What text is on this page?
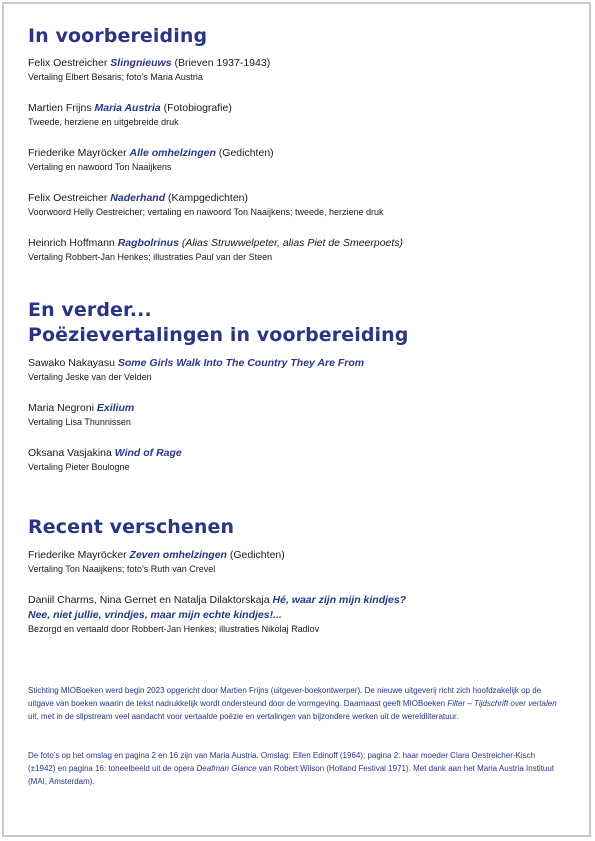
In voorbereiding
Felix Oestreicher Slingnieuws (Brieven 1937-1943)
Vertaling Elbert Besaris; foto’s Maria Austria
Martien Frijns Maria Austria (Fotobiografie)
Tweede, herziene en uitgebreide druk
Friederike Mayröcker Alle omhelzingen (Gedichten)
Vertaling en nawoord Ton Naaijkens
Felix Oestreicher Naderhand (Kampgedichten)
Voorwoord Helly Oestreicher; vertaling en nawoord Ton Naaijkens; tweede, herziene druk
Heinrich Hoffmann Ragbolrinus (Alias Struwwelpeter, alias Piet de Smeerpoets)
Vertaling Robbert-Jan Henkes; illustraties Paul van der Steen
En verder...
Poëzievertalingen in voorbereiding
Sawako Nakayasu Some Girls Walk Into The Country They Are From
Vertaling Jeske van der Velden
Maria Negroni Exilium
Vertaling Lisa Thunnissen
Oksana Vasjakina Wind of Rage
Vertaling Pieter Boulogne
Recent verschenen
Friederike Mayröcker Zeven omhelzingen (Gedichten)
Vertaling Ton Naaijkens; foto’s Ruth van Crevel
Daniil Charms, Nina Gernet en Natalja Dilaktorskaja Hé, waar zijn mijn kindjes?
Nee, niet jullie, vrindjes, maar mijn echte kindjes!...
Bezorgd en vertaald door Robbert-Jan Henkes; illustraties Nikolaj Radlov
Stichting MIOBoeken werd begin 2023 opgericht door Martien Frijns (uitgever-boekontwerper). De nieuwe uitgeverij richt zich hoofdzakelijk op de uitgave van boeken waarin de tekst nadrukkelijk wordt ondersteund door de vormgeving. Daarnaast geeft MIOBoeken Filter – Tijdschrift over vertalen uit, met in de slipstream veel aandacht voor vertaalde poëzie en vertalingen van bijzondere werken uit de wereldliteratuur.
De foto’s op het omslag en pagina 2 en 16 zijn van Maria Austria. Omslag: Ellen Edinoff (1964); pagina 2: haar moeder Clara Oestreicher-Kisch (±1942) en pagina 16: toneelbeeld uit de opera Deafman Glance van Robert Wilson (Holland Festival 1971). Met dank aan het Maria Austria Instituut (MAI, Amsterdam).
